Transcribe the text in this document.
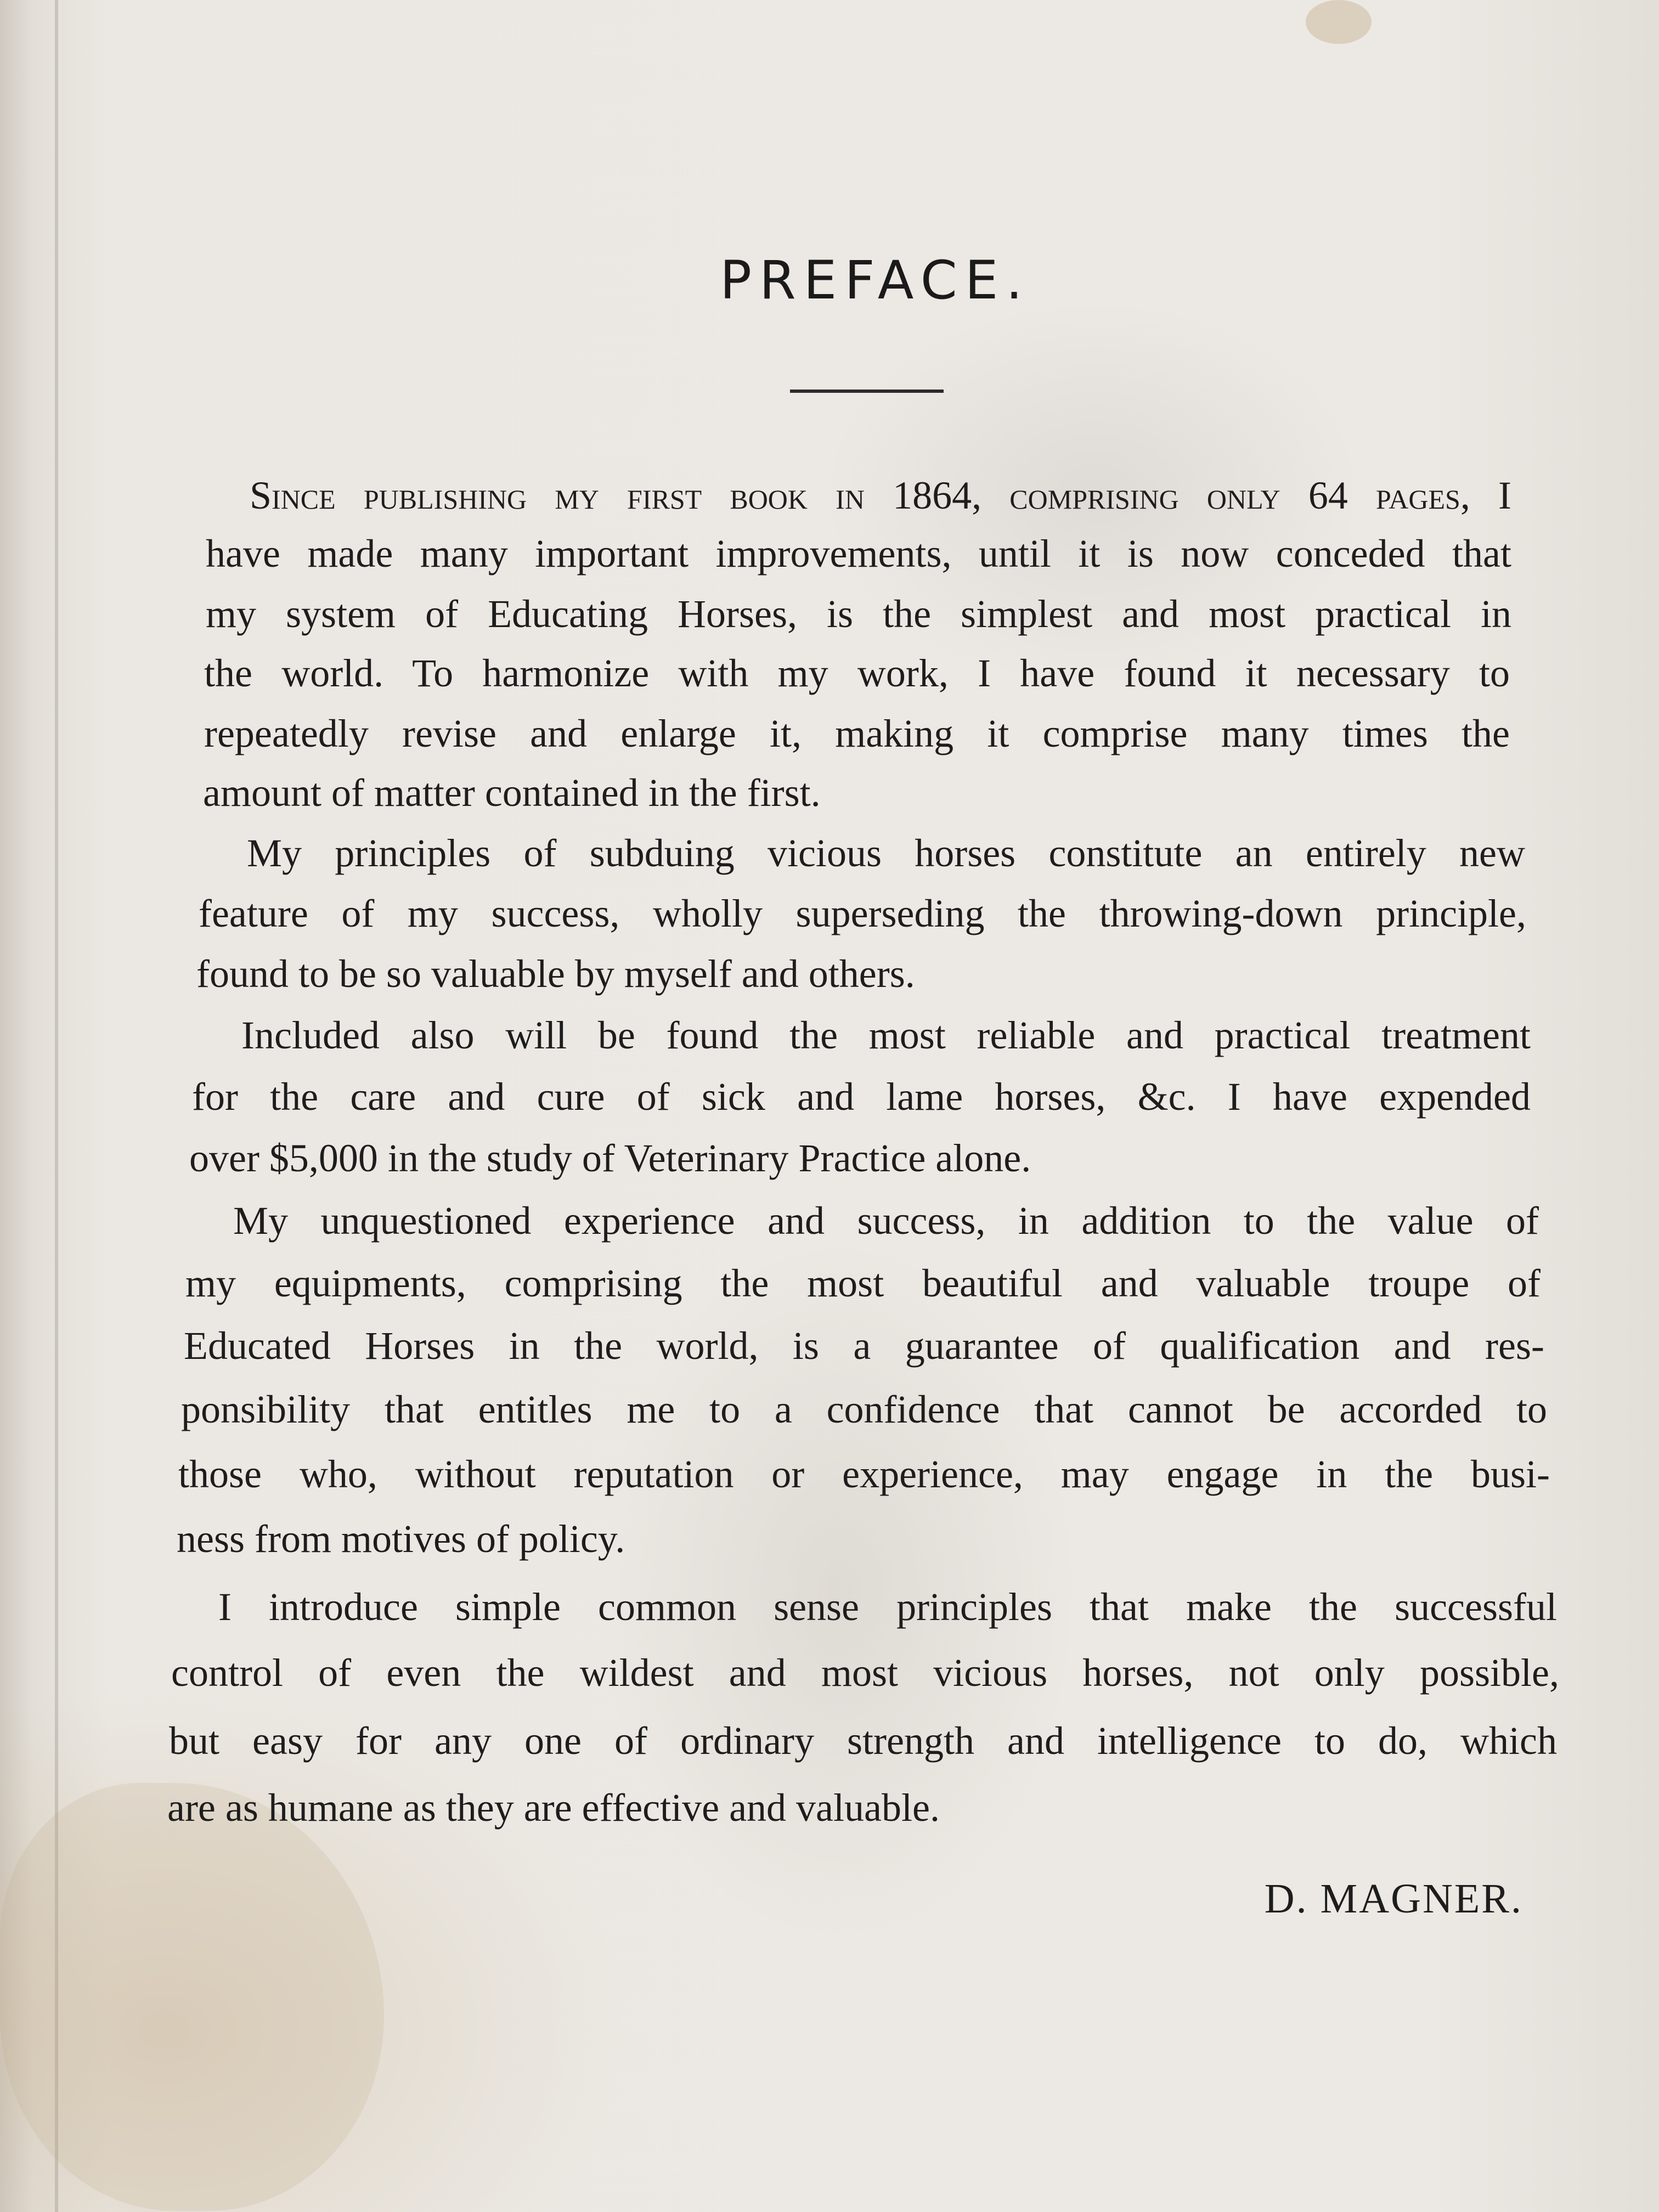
PREFACE.
Since publishing my first book in 1864, comprising only 64 pages, I
have made many important improvements, until it is now conceded that
my system of Educating Horses, is the simplest and most practical in
the world. To harmonize with my work, I have found it necessary to
repeatedly revise and enlarge it, making it comprise many times the
amount of matter contained in the first.
My principles of subduing vicious horses constitute an entirely new
feature of my success, wholly superseding the throwing-down principle,
found to be so valuable by myself and others.
Included also will be found the most reliable and practical treatment
for the care and cure of sick and lame horses, &c. I have expended
over $5,000 in the study of Veterinary Practice alone.
My unquestioned experience and success, in addition to the value of
my equipments, comprising the most beautiful and valuable troupe of
Educated Horses in the world, is a guarantee of qualification and res-
ponsibility that entitles me to a confidence that cannot be accorded to
those who, without reputation or experience, may engage in the busi-
ness from motives of policy.
I introduce simple common sense principles that make the successful
control of even the wildest and most vicious horses, not only possible,
but easy for any one of ordinary strength and intelligence to do, which
are as humane as they are effective and valuable.
D. MAGNER.
